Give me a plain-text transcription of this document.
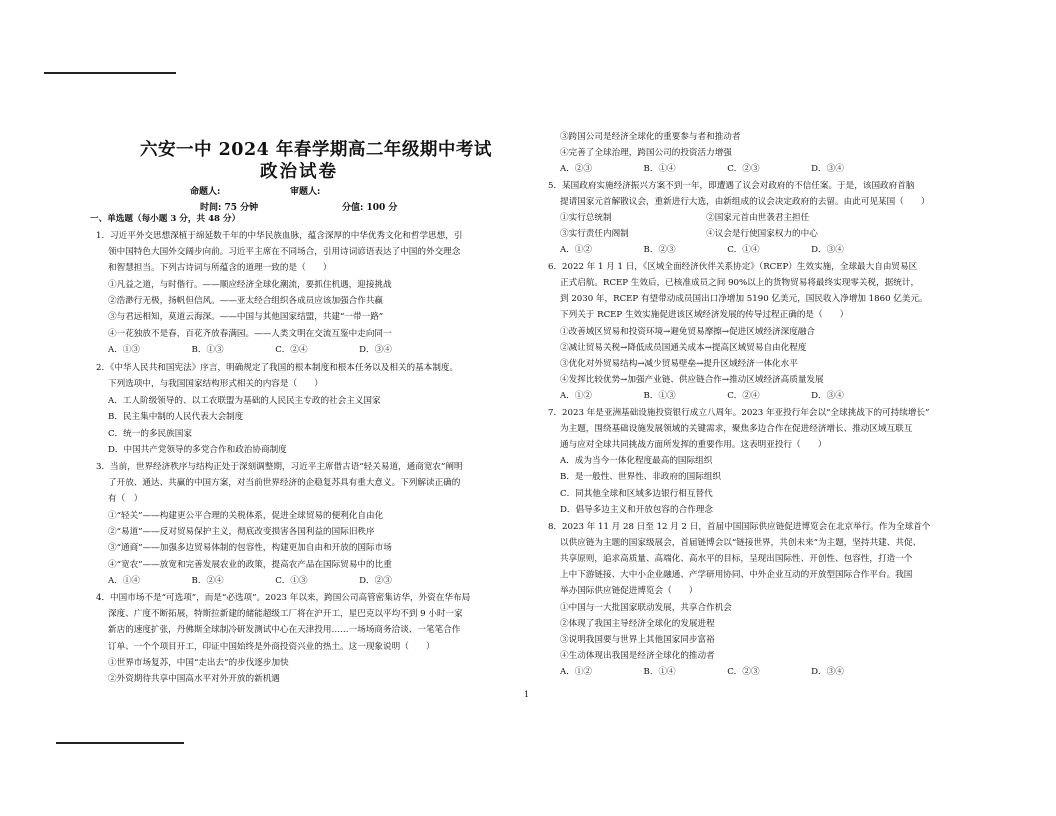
六安一中 2024 年春学期高二年级期中考试
政治试卷
命题人:	审题人:
时间: 75 分钟	分值: 100 分
一、单选题（每小题 3 分，共 48 分）
1．习近平外交思想深植于绵延数千年的中华民族血脉，蕴含深厚的中华优秀文化和哲学思想，引
领中国特色大国外交阔步向前。习近平主席在不同场合，引用诗词谚语表达了中国的外交理念
和智慧担当。下列古诗词与所蕴含的道理一致的是（　　）
①凡益之道，与时偕行。——顺应经济全球化潮流，要抓住机遇，迎接挑战
②浩渺行无极，扬帆但信风。——亚太经合组织各成员应该加强合作共赢
③与君远相知，莫道云海深。——中国与其他国家结盟，共建“一带一路”
④一花独放不是春，百花齐放春满园。——人类文明在交流互鉴中走向同一
A．①③　　　　　　B．①③　　　　　　C．②④　　　　　　D．③④
2．《中华人民共和国宪法》序言，明确规定了我国的根本制度和根本任务以及相关的基本制度。
下列选项中，与我国国家结构形式相关的内容是（　　）
A．工人阶级领导的、以工农联盟为基础的人民民主专政的社会主义国家
B．民主集中制的人民代表大会制度
C．统一的多民族国家
D．中国共产党领导的多党合作和政治协商制度
3．当前，世界经济秩序与结构正处于深刻调整期，习近平主席借古语“轻关易道，通商宽农”阐明
了开放、通达、共赢的中国方案，对当前世界经济的企稳复苏具有重大意义。下列解读正确的
有（　）
①“轻关”——构建更公平合理的关税体系，促进全球贸易的便利化自由化
②“易道”——反对贸易保护主义，彻底改变损害各国利益的国际旧秩序
③“通商”——加强多边贸易体制的包容性，构建更加自由和开放的国际市场
④“宽农”——放宽和完善发展农业的政策，提高农产品在国际贸易中的比重
A．①④　　　　　　B．②④　　　　　　C．①③　　　　　　D．②③
4．中国市场不是“可选项”，而是“必选项”。2023 年以来，跨国公司高管密集访华，外资在华布局
深度、广度不断拓展，特斯拉新建的储能超级工厂将在沪开工，星巴克以平均不到 9 小时一家
新店的速度扩张，丹佛斯全球制冷研发测试中心在天津投用……一场场商务洽谈、一笔笔合作
订单、一个个项目开工，印证中国始终是外商投资兴业的热土。这一现象说明（　　）
①世界市场复苏，中国“走出去”的步伐逐步加快
②外资期待共享中国高水平对外开放的新机遇
③跨国公司是经济全球化的重要参与者和推动者
④完善了全球治理，跨国公司的投资活力增强
A．②③　　　　　　B．①④　　　　　　C．②③　　　　　　D．③④
5．某国政府实施经济振兴方案不到一年，即遭遇了议会对政府的不信任案。于是，该国政府首脑
提请国家元首解散议会，重新进行大选，由新组成的议会决定政府的去留。由此可见某国（　　）
①实行总统制　　　　　　　　　　　②国家元首由世袭君主担任
③实行责任内阁制　　　　　　　　　④议会是行使国家权力的中心
A．①②　　　　　　B．②③　　　　　　C．①④　　　　　　D．③④
6．2022 年 1 月 1 日，《区域全面经济伙伴关系协定》（RCEP）生效实施，全球最大自由贸易区
正式启航。RCEP 生效后，已核准成员之间 90%以上的货物贸易将最终实现零关税，据统计，
到 2030 年，RCEP 有望带动成员国出口净增加 5190 亿美元，国民收入净增加 1860 亿美元。
下列关于 RCEP 生效实施促进该区域经济发展的传导过程正确的是（　　）
①改善域区贸易和投资环境→避免贸易摩擦→促进区域经济深度融合
②减让贸易关税→降低成员国通关成本→提高区域贸易自由化程度
③优化对外贸易结构→减少贸易壁垒→提升区域经济一体化水平
④发挥比较优势→加强产业链、供应链合作→推动区域经济高质量发展
A．①②　　　　　　B．①③　　　　　　C．②④　　　　　　D．③④
7．2023 年是亚洲基础设施投资银行成立八周年。2023 年亚投行年会以“全球挑战下的可持续增长”
为主题，围绕基础设施发展领域的关键需求，聚焦多边合作在促进经济增长、推动区域互联互
通与应对全球共同挑战方面所发挥的重要作用。这表明亚投行（　　）
A．成为当今一体化程度最高的国际组织
B．是一般性、世界性、非政府的国际组织
C．同其他全球和区域多边银行相互替代
D．倡导多边主义和开放包容的合作理念
8．2023 年 11 月 28 日至 12 月 2 日，首届中国国际供应链促进博览会在北京举行。作为全球首个
以供应链为主题的国家级展会，首届链博会以“链接世界，共创未来”为主题，坚持共建、共促、
共享原则，追求高质量、高端化、高水平的目标，呈现出国际性、开创性、包容性，打造一个
上中下游链接、大中小企业融通、产学研用协同、中外企业互动的开放型国际合作平台。我国
举办国际供应链促进博览会（　　）
①中国与一大批国家联动发展，共享合作机会
②体现了我国主导经济全球化的发展进程
③说明我国要与世界上其他国家同步富裕
④生动体现出我国是经济全球化的推动者
A．①②　　　　　　B．①④　　　　　　C．②③　　　　　　D．③④
1
